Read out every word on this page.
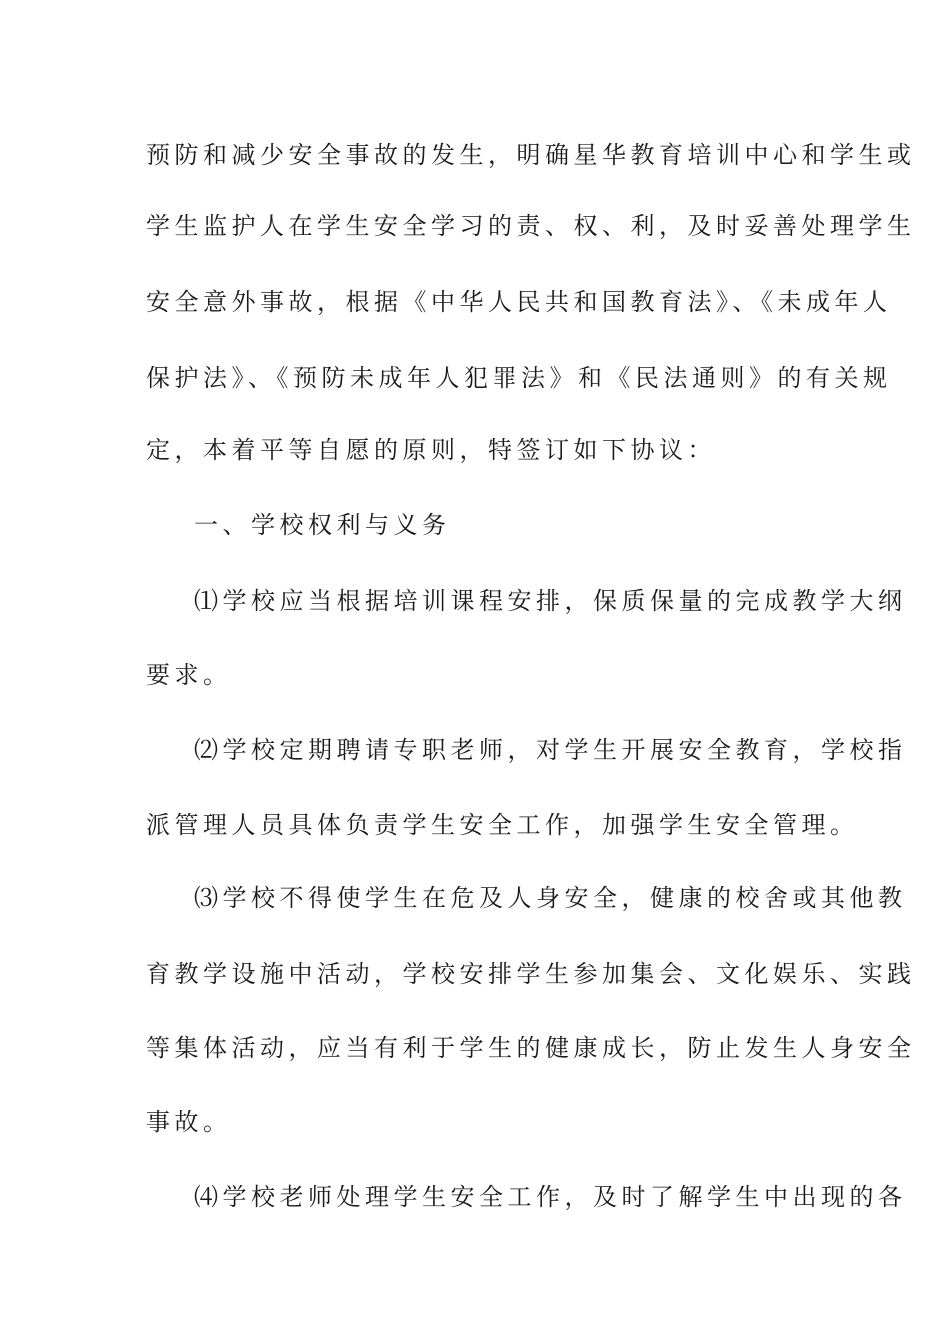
预防和减少安全事故的发生，明确星华教育培训中心和学生或
学生监护人在学生安全学习的责、权、利，及时妥善处理学生
安全意外事故，根据《中华人民共和国教育法》、《未成年人
保护法》、《预防未成年人犯罪法》和《民法通则》的有关规
定，本着平等自愿的原则，特签订如下协议：
一、学校权利与义务
⑴学校应当根据培训课程安排，保质保量的完成教学大纲
要求。
⑵学校定期聘请专职老师，对学生开展安全教育，学校指
派管理人员具体负责学生安全工作，加强学生安全管理。
⑶学校不得使学生在危及人身安全，健康的校舍或其他教
育教学设施中活动，学校安排学生参加集会、文化娱乐、实践
等集体活动，应当有利于学生的健康成长，防止发生人身安全
事故。
⑷学校老师处理学生安全工作，及时了解学生中出现的各
